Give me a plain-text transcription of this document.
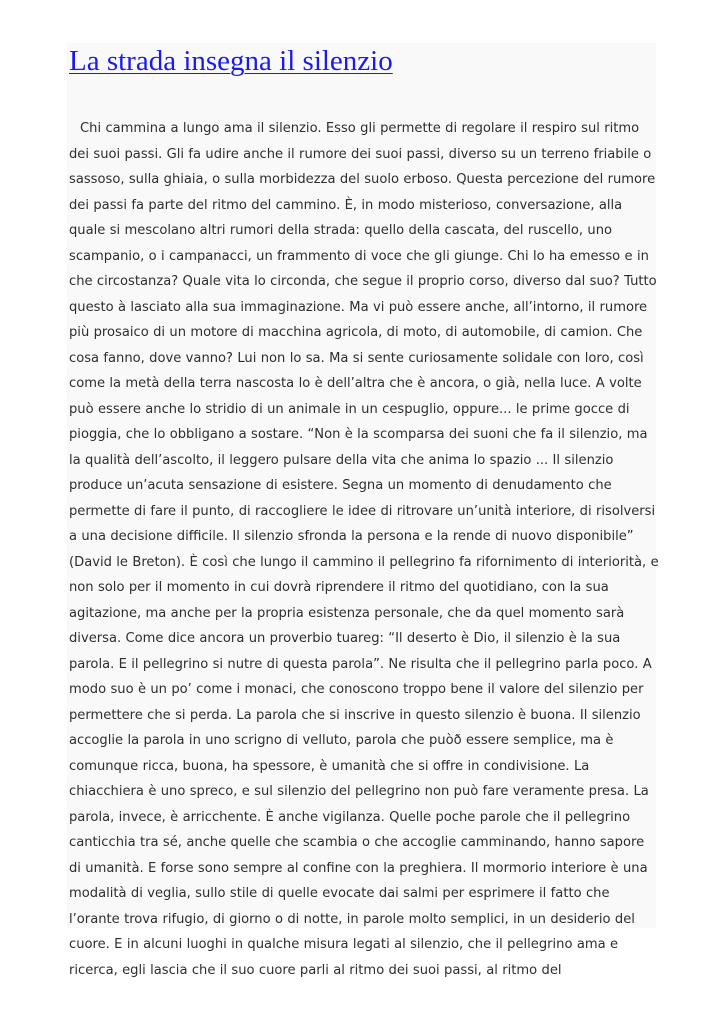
La strada insegna il silenzio

Chi cammina a lungo ama il silenzio. Esso gli permette di regolare il respiro sul ritmo dei suoi passi. Gli fa udire anche il rumore dei suoi passi, diverso su un terreno friabile o sassoso, sulla ghiaia, o sulla morbidezza del suolo erboso. Questa percezione del rumore dei passi fa parte del ritmo del cammino. È, in modo misterioso, conversazione, alla quale si mescolano altri rumori della strada: quello della cascata, del ruscello, uno scampanio, o i campanacci, un frammento di voce che gli giunge. Chi lo ha emesso e in che circostanza? Quale vita lo circonda, che segue il proprio corso, diverso dal suo? Tutto questo à lasciato alla sua immaginazione. Ma vi può essere anche, all’intorno, il rumore più prosaico di un motore di macchina agricola, di moto, di automobile, di camion. Che cosa fanno, dove vanno? Lui non lo sa. Ma si sente curiosamente solidale con loro, così come la metà della terra nascosta lo è dell’altra che è ancora, o già, nella luce. A volte può essere anche lo stridio di un animale in un cespuglio, oppure... le prime gocce di pioggia, che lo obbligano a sostare. “Non è la scomparsa dei suoni che fa il silenzio, ma la qualità dell’ascolto, il leggero pulsare della vita che anima lo spazio ... Il silenzio produce un’acuta sensazione di esistere. Segna un momento di denudamento che permette di fare il punto, di raccogliere le idee di ritrovare un’unità interiore, di risolversi a una decisione difficile. Il silenzio sfronda la persona e la rende di nuovo disponibile” (David le Breton). È così che lungo il cammino il pellegrino fa rifornimento di interiorità, e non solo per il momento in cui dovrà riprendere il ritmo del quotidiano, con la sua agitazione, ma anche per la propria esistenza personale, che da quel momento sarà diversa. Come dice ancora un proverbio tuareg: “Il deserto è Dio, il silenzio è la sua parola. E il pellegrino si nutre di questa parola”. Ne risulta che il pellegrino parla poco. A modo suo è un po’ come i monaci, che conoscono troppo bene il valore del silenzio per permettere che si perda. La parola che si inscrive in questo silenzio è buona. Il silenzio accoglie la parola in uno scrigno di velluto, parola che puòð essere semplice, ma è comunque ricca, buona, ha spessore, è umanità che si offre in condivisione. La chiacchiera è uno spreco, e sul silenzio del pellegrino non può fare veramente presa. La parola, invece, è arricchente. È anche vigilanza. Quelle poche parole che il pellegrino canticchia tra sé, anche quelle che scambia o che accoglie camminando, hanno sapore di umanità. E forse sono sempre al confine con la preghiera. Il mormorio interiore è una modalità di veglia, sullo stile di quelle evocate dai salmi per esprimere il fatto che l’orante trova rifugio, di giorno o di notte, in parole molto semplici, in un desiderio del cuore. E in alcuni luoghi in qualche misura legati al silenzio, che il pellegrino ama e ricerca, egli lascia che il suo cuore parli al ritmo dei suoi passi, al ritmo del
